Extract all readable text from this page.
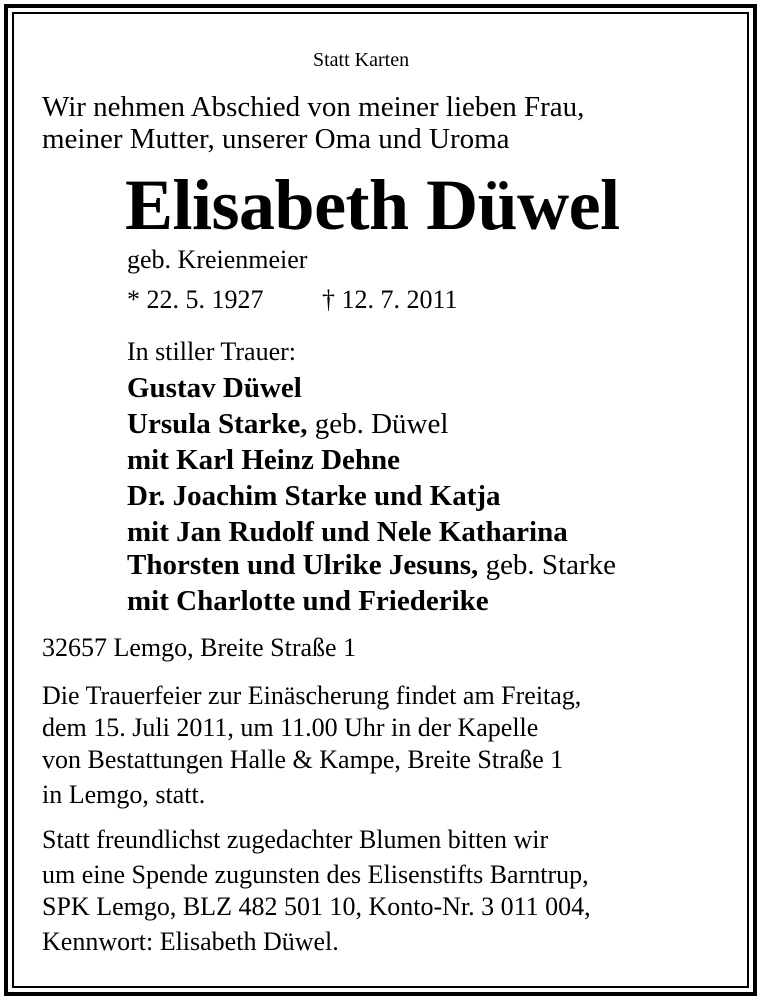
Statt Karten
Wir nehmen Abschied von meiner lieben Frau,
meiner Mutter, unserer Oma und Uroma
Elisabeth Düwel
geb. Kreienmeier
* 22. 5. 1927 † 12. 7. 2011
In stiller Trauer:
Gustav Düwel
Ursula Starke, geb. Düwel
mit Karl Heinz Dehne
Dr. Joachim Starke und Katja
mit Jan Rudolf und Nele Katharina
Thorsten und Ulrike Jesuns, geb. Starke
mit Charlotte und Friederike
32657 Lemgo, Breite Straße 1
Die Trauerfeier zur Einäscherung findet am Freitag,
dem 15. Juli 2011, um 11.00 Uhr in der Kapelle
von Bestattungen Halle & Kampe, Breite Straße 1
in Lemgo, statt.
Statt freundlichst zugedachter Blumen bitten wir
um eine Spende zugunsten des Elisenstifts Barntrup,
SPK Lemgo, BLZ 482 501 10, Konto-Nr. 3 011 004,
Kennwort: Elisabeth Düwel.
